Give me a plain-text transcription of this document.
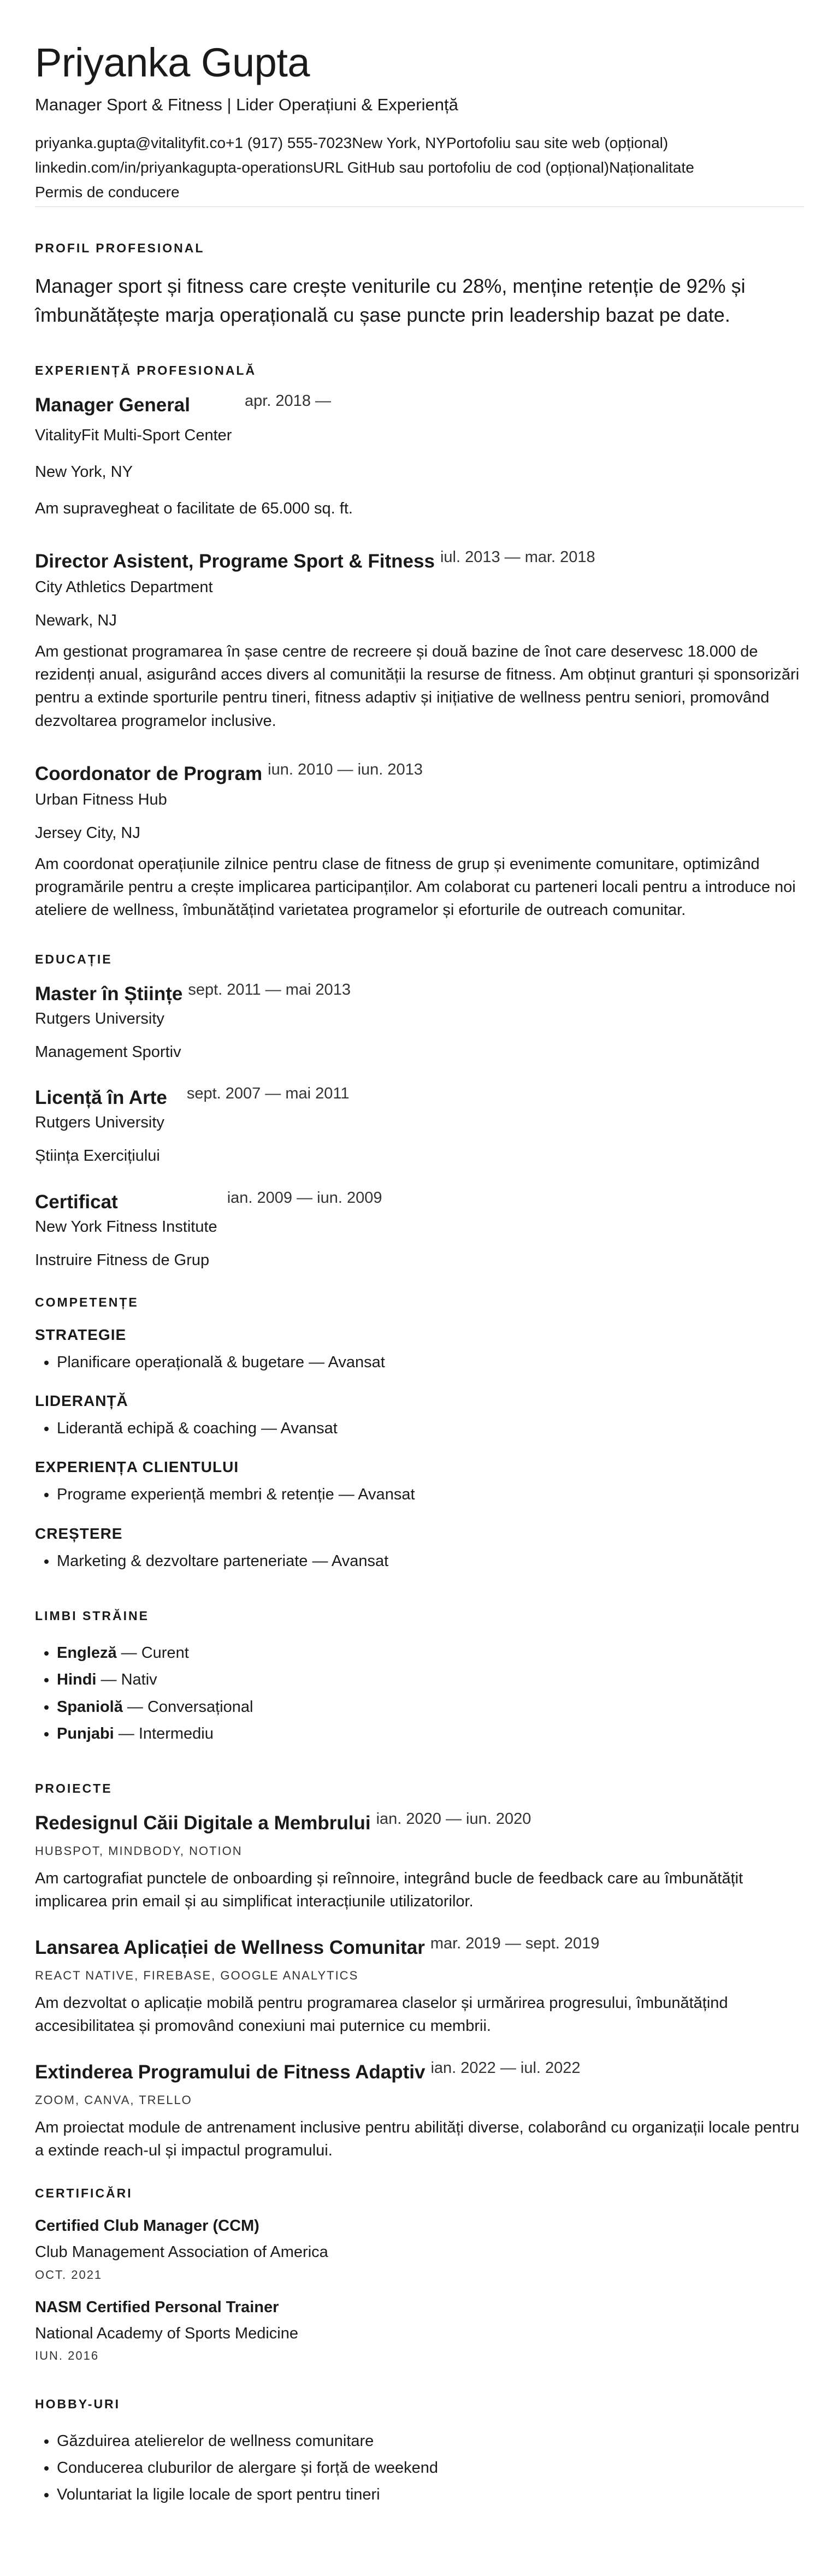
Priyanka Gupta
Manager Sport & Fitness | Lider Operațiuni & Experiență
priyanka.gupta@vitalityfit.co+1 (917) 555-7023New York, NYPortofoliu sau site web (opțional)
linkedin.com/in/priyankagupta-operationsURL GitHub sau portofoliu de cod (opțional)Naționalitate
Permis de conducere
PROFIL PROFESIONAL

Manager sport și fitness care crește veniturile cu 28%, menține retenție de 92% și îmbunătățește marja operațională cu șase puncte prin leadership bazat pe date.

EXPERIENȚĂ PROFESIONALĂ
Manager General	apr. 2018 —
VitalityFit Multi-Sport Center
New York, NY
Am supravegheat o facilitate de 65.000 sq. ft.
Director Asistent, Programe Sport & Fitness iul. 2013 — mar. 2018
City Athletics Department
Newark, NJ
Am gestionat programarea în șase centre de recreere și două bazine de înot care deservesc 18.000 de rezidenți anual, asigurând acces divers al comunității la resurse de fitness. Am obținut granturi și sponsorizări pentru a extinde sporturile pentru tineri, fitness adaptiv și inițiative de wellness pentru seniori, promovând dezvoltarea programelor inclusive.
Coordonator de Program iun. 2010 — iun. 2013
Urban Fitness Hub
Jersey City, NJ
Am coordonat operațiunile zilnice pentru clase de fitness de grup și evenimente comunitare, optimizând programările pentru a crește implicarea participanților. Am colaborat cu parteneri locali pentru a introduce noi ateliere de wellness, îmbunătățind varietatea programelor și eforturile de outreach comunitar.
EDUCAȚIE
Master în Științe sept. 2011 — mai 2013
Rutgers University
Management Sportiv
Licență în Arte sept. 2007 — mai 2011
Rutgers University
Știința Exercițiului
Certificat	ian. 2009 — iun. 2009
New York Fitness Institute
Instruire Fitness de Grup
COMPETENȚE
STRATEGIE
• Planificare operațională & bugetare — Avansat
LIDERANȚĂ
• Liderantă echipă & coaching — Avansat
EXPERIENȚA CLIENTULUI
• Programe experiență membri & retenție — Avansat
CREȘTERE
• Marketing & dezvoltare parteneriate — Avansat
LIMBI STRĂINE
• Engleză — Curent
• Hindi — Nativ
• Spaniolă — Conversațional
• Punjabi — Intermediu
PROIECTE
Redesignul Căii Digitale a Membrului ian. 2020 — iun. 2020
HUBSPOT, MINDBODY, NOTION
Am cartografiat punctele de onboarding și reînnoire, integrând bucle de feedback care au îmbunătățit implicarea prin email și au simplificat interacțiunile utilizatorilor.
Lansarea Aplicației de Wellness Comunitar mar. 2019 — sept. 2019
REACT NATIVE, FIREBASE, GOOGLE ANALYTICS
Am dezvoltat o aplicație mobilă pentru programarea claselor și urmărirea progresului, îmbunătățind accesibilitatea și promovând conexiuni mai puternice cu membrii.
Extinderea Programului de Fitness Adaptiv ian. 2022 — iul. 2022
ZOOM, CANVA, TRELLO
Am proiectat module de antrenament inclusive pentru abilități diverse, colaborând cu organizații locale pentru a extinde reach-ul și impactul programului.
CERTIFICĂRI
Certified Club Manager (CCM)
Club Management Association of America
OCT. 2021
NASM Certified Personal Trainer
National Academy of Sports Medicine
IUN. 2016
HOBBY-URI
• Găzduirea atelierelor de wellness comunitare
• Conducerea cluburilor de alergare și forță de weekend
• Voluntariat la ligile locale de sport pentru tineri
